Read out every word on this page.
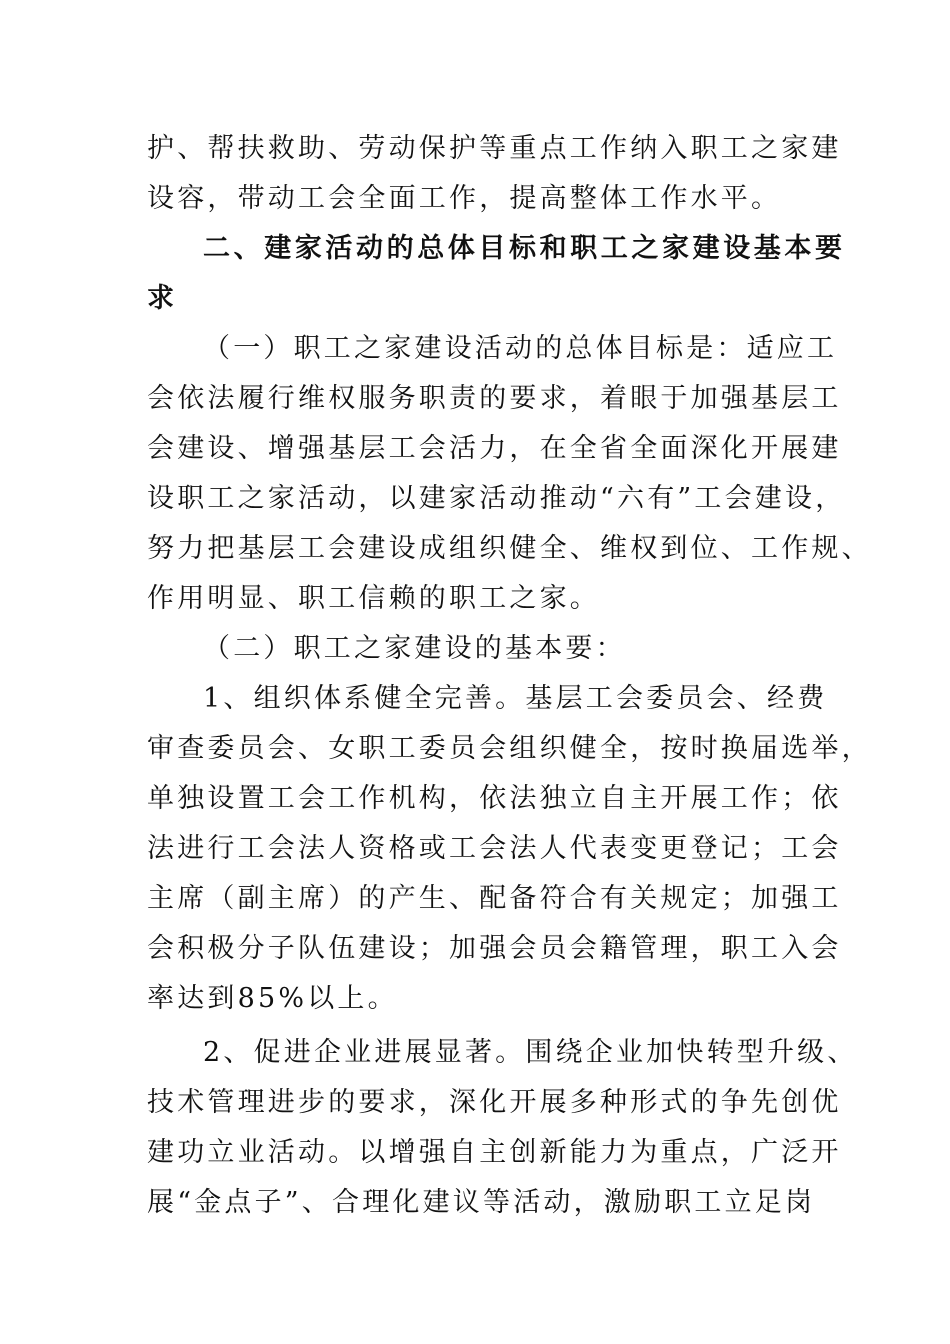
护、帮扶救助、劳动保护等重点工作纳入职工之家建
设容，带动工会全面工作，提高整体工作水平。
二、建家活动的总体目标和职工之家建设基本要
求
（一）职工之家建设活动的总体目标是：适应工
会依法履行维权服务职责的要求，着眼于加强基层工
会建设、增强基层工会活力，在全省全面深化开展建
设职工之家活动，以建家活动推动“六有”工会建设，
努力把基层工会建设成组织健全、维权到位、工作规、
作用明显、职工信赖的职工之家。
（二）职工之家建设的基本要：
1、组织体系健全完善。基层工会委员会、经费
审查委员会、女职工委员会组织健全，按时换届选举，
单独设置工会工作机构，依法独立自主开展工作；依
法进行工会法人资格或工会法人代表变更登记；工会
主席（副主席）的产生、配备符合有关规定；加强工
会积极分子队伍建设；加强会员会籍管理，职工入会
率达到85%以上。
2、促进企业进展显著。围绕企业加快转型升级、
技术管理进步的要求，深化开展多种形式的争先创优
建功立业活动。以增强自主创新能力为重点，广泛开
展“金点子”、合理化建议等活动，激励职工立足岗
